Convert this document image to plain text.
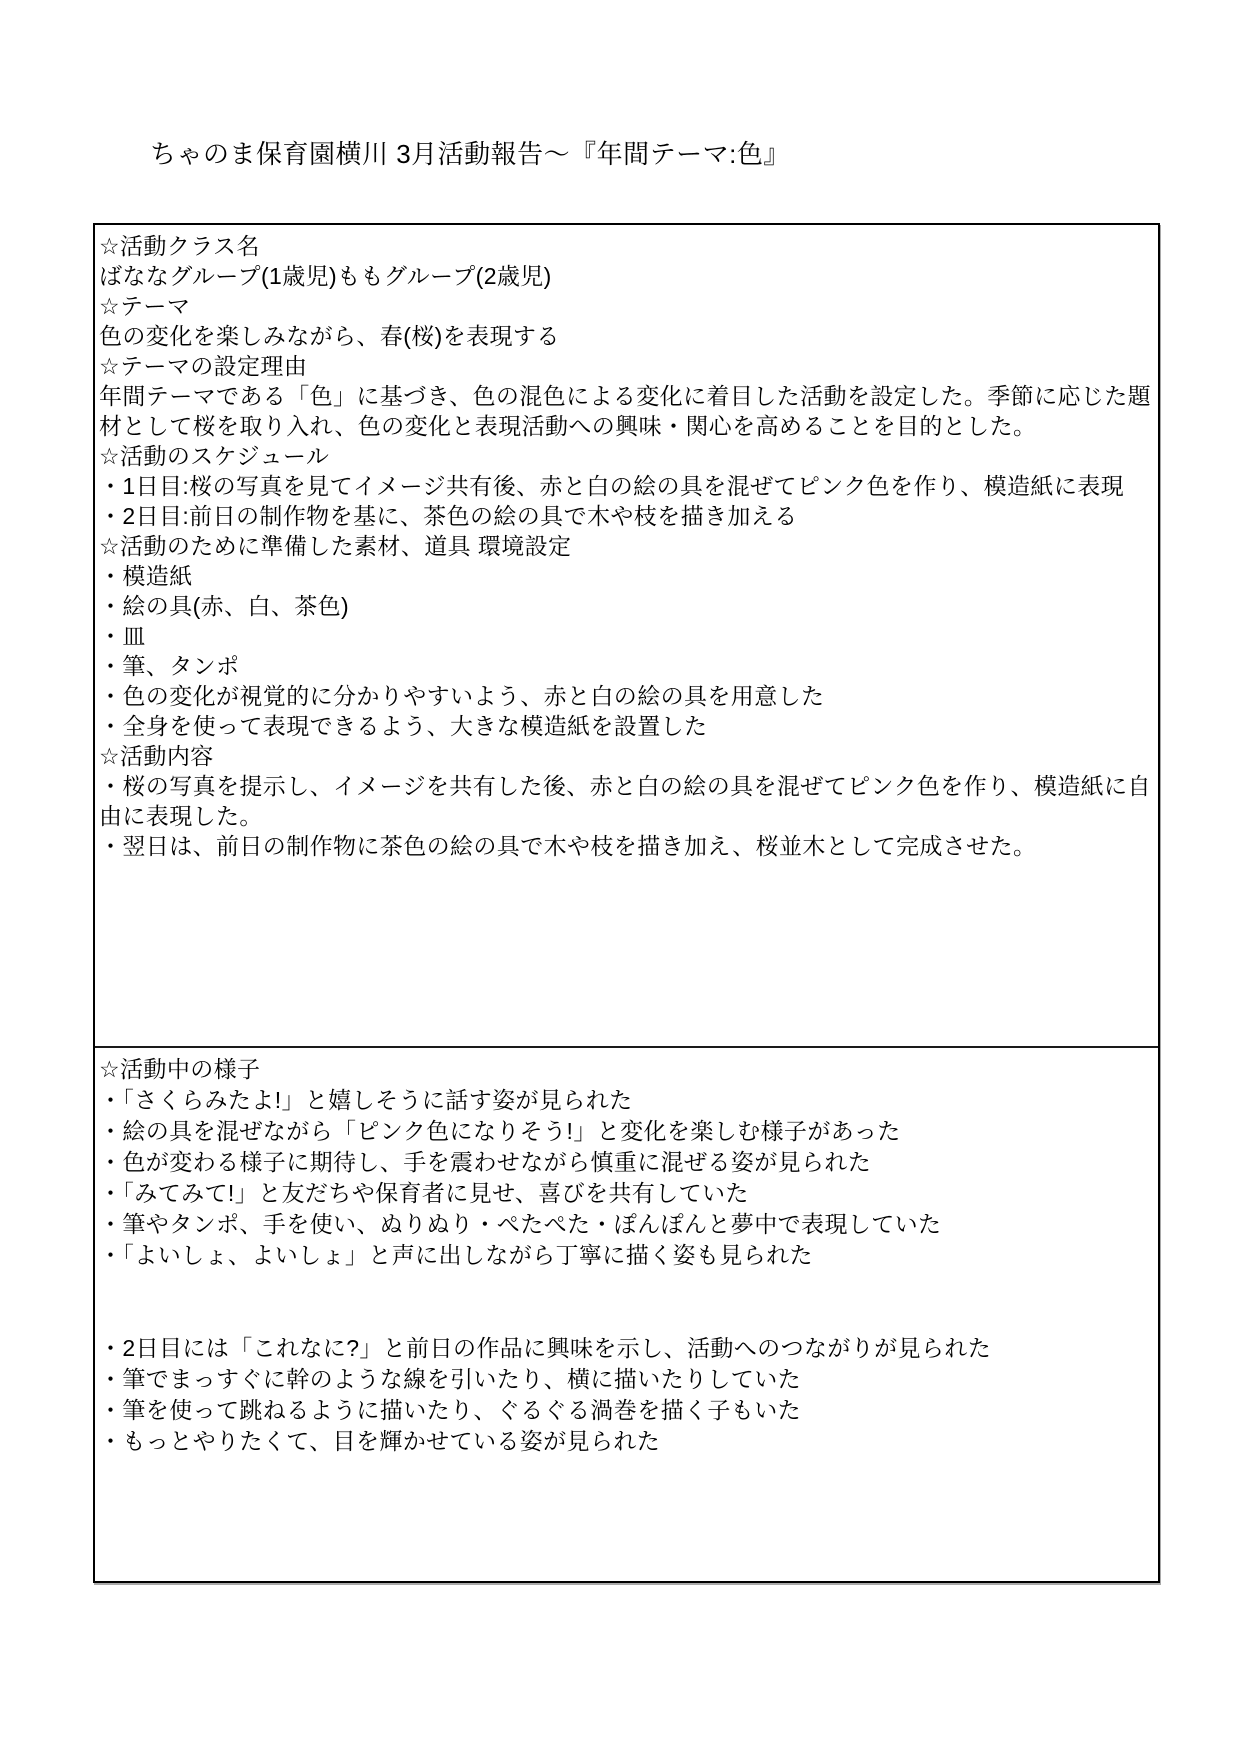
ちゃのま保育園横川 3月活動報告〜『年間テーマ:色』

☆活動クラス名

ばななグループ(1歳児)ももグループ(2歳児)

☆テーマ

色の変化を楽しみながら、春(桜)を表現する

☆テーマの設定理由

年間テーマである「色」に基づき、色の混色による変化に着目した活動を設定した。季節に応じた題材として桜を取り入れ、色の変化と表現活動への興味・関心を高めることを目的とした。

☆活動のスケジュール

・1日目:桜の写真を見てイメージ共有後、赤と白の絵の具を混ぜてピンク色を作り、模造紙に表現

・2日目:前日の制作物を基に、茶色の絵の具で木や枝を描き加える

☆活動のために準備した素材、道具 環境設定

・模造紙

・絵の具(赤、白、茶色)

・皿

・筆、タンポ

・色の変化が視覚的に分かりやすいよう、赤と白の絵の具を用意した

・全身を使って表現できるよう、大きな模造紙を設置した

☆活動内容

・桜の写真を提示し、イメージを共有した後、赤と白の絵の具を混ぜてピンク色を作り、模造紙に自由に表現した。

・翌日は、前日の制作物に茶色の絵の具で木や枝を描き加え、桜並木として完成させた。

☆活動中の様子

・「さくらみたよ!」と嬉しそうに話す姿が見られた

・絵の具を混ぜながら「ピンク色になりそう!」と変化を楽しむ様子があった

・色が変わる様子に期待し、手を震わせながら慎重に混ぜる姿が見られた

・「みてみて!」と友だちや保育者に見せ、喜びを共有していた

・筆やタンポ、手を使い、ぬりぬり・ぺたぺた・ぽんぽんと夢中で表現していた

・「よいしょ、よいしょ」と声に出しながら丁寧に描く姿も見られた

・2日目には「これなに?」と前日の作品に興味を示し、活動へのつながりが見られた

・筆でまっすぐに幹のような線を引いたり、横に描いたりしていた

・筆を使って跳ねるように描いたり、ぐるぐる渦巻を描く子もいた

・もっとやりたくて、目を輝かせている姿が見られた
